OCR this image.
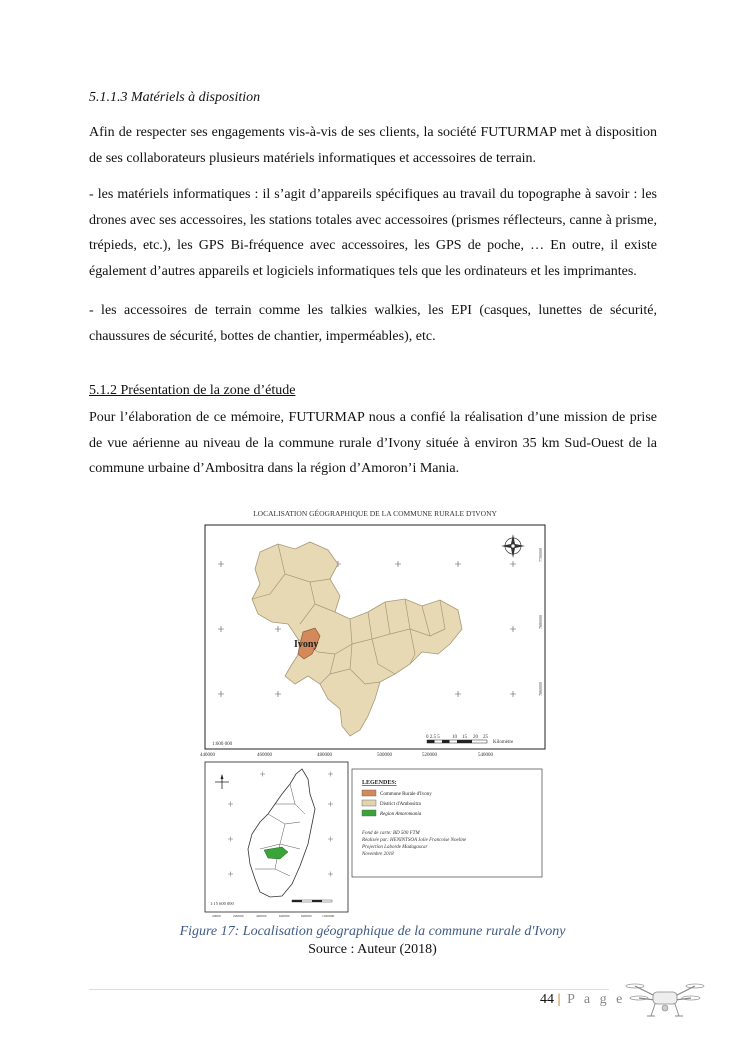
5.1.1.3 Matériels à disposition
Afin de respecter ses engagements vis-à-vis de ses clients, la société FUTURMAP met à disposition de ses collaborateurs plusieurs matériels informatiques et accessoires de terrain.
- les matériels informatiques : il s’agit d’appareils spécifiques au travail du topographe à savoir : les drones avec ses accessoires, les stations totales avec accessoires (prismes réflecteurs, canne à prisme, trépieds, etc.), les GPS Bi-fréquence avec accessoires, les GPS de poche, … En outre, il existe également d’autres appareils et logiciels informatiques tels que les ordinateurs et les imprimantes.
- les accessoires de terrain comme les talkies walkies, les EPI (casques, lunettes de sécurité, chaussures de sécurité, bottes de chantier, imperméables), etc.
5.1.2 Présentation de la zone d’étude
Pour l’élaboration de ce mémoire, FUTURMAP nous a confié la réalisation d’une mission de prise de vue aérienne au niveau de la commune rurale d’Ivony située à environ 35 km Sud-Ouest de la commune urbaine d’Ambositra dans la région d’Amoron’i Mania.
LOCALISATION GÉOGRAPHIQUE DE LA COMMUNE RURALE D'IVONY
Ivony
7700000
7680000
7660000
1:600 000
0 2.5 5 10 15 20 25
Kilomètre
440000	460000	480000	500000	520000	540000
1:15 600 000
20000	220000	420000	620000	820000	1020000
LEGENDES:
Commune Rurale d'Ivony
District d'Ambositra
Region Amoromania
Fond de carte: BD 500 FTM
Réalisée par: HENINTSOA Jolie Francoise Noeline
Projection Laborde Madagascar
Novembre 2018
Figure 17: Localisation géographique de la commune rurale d'Ivony
Source : Auteur (2018)
44 | P a g e
